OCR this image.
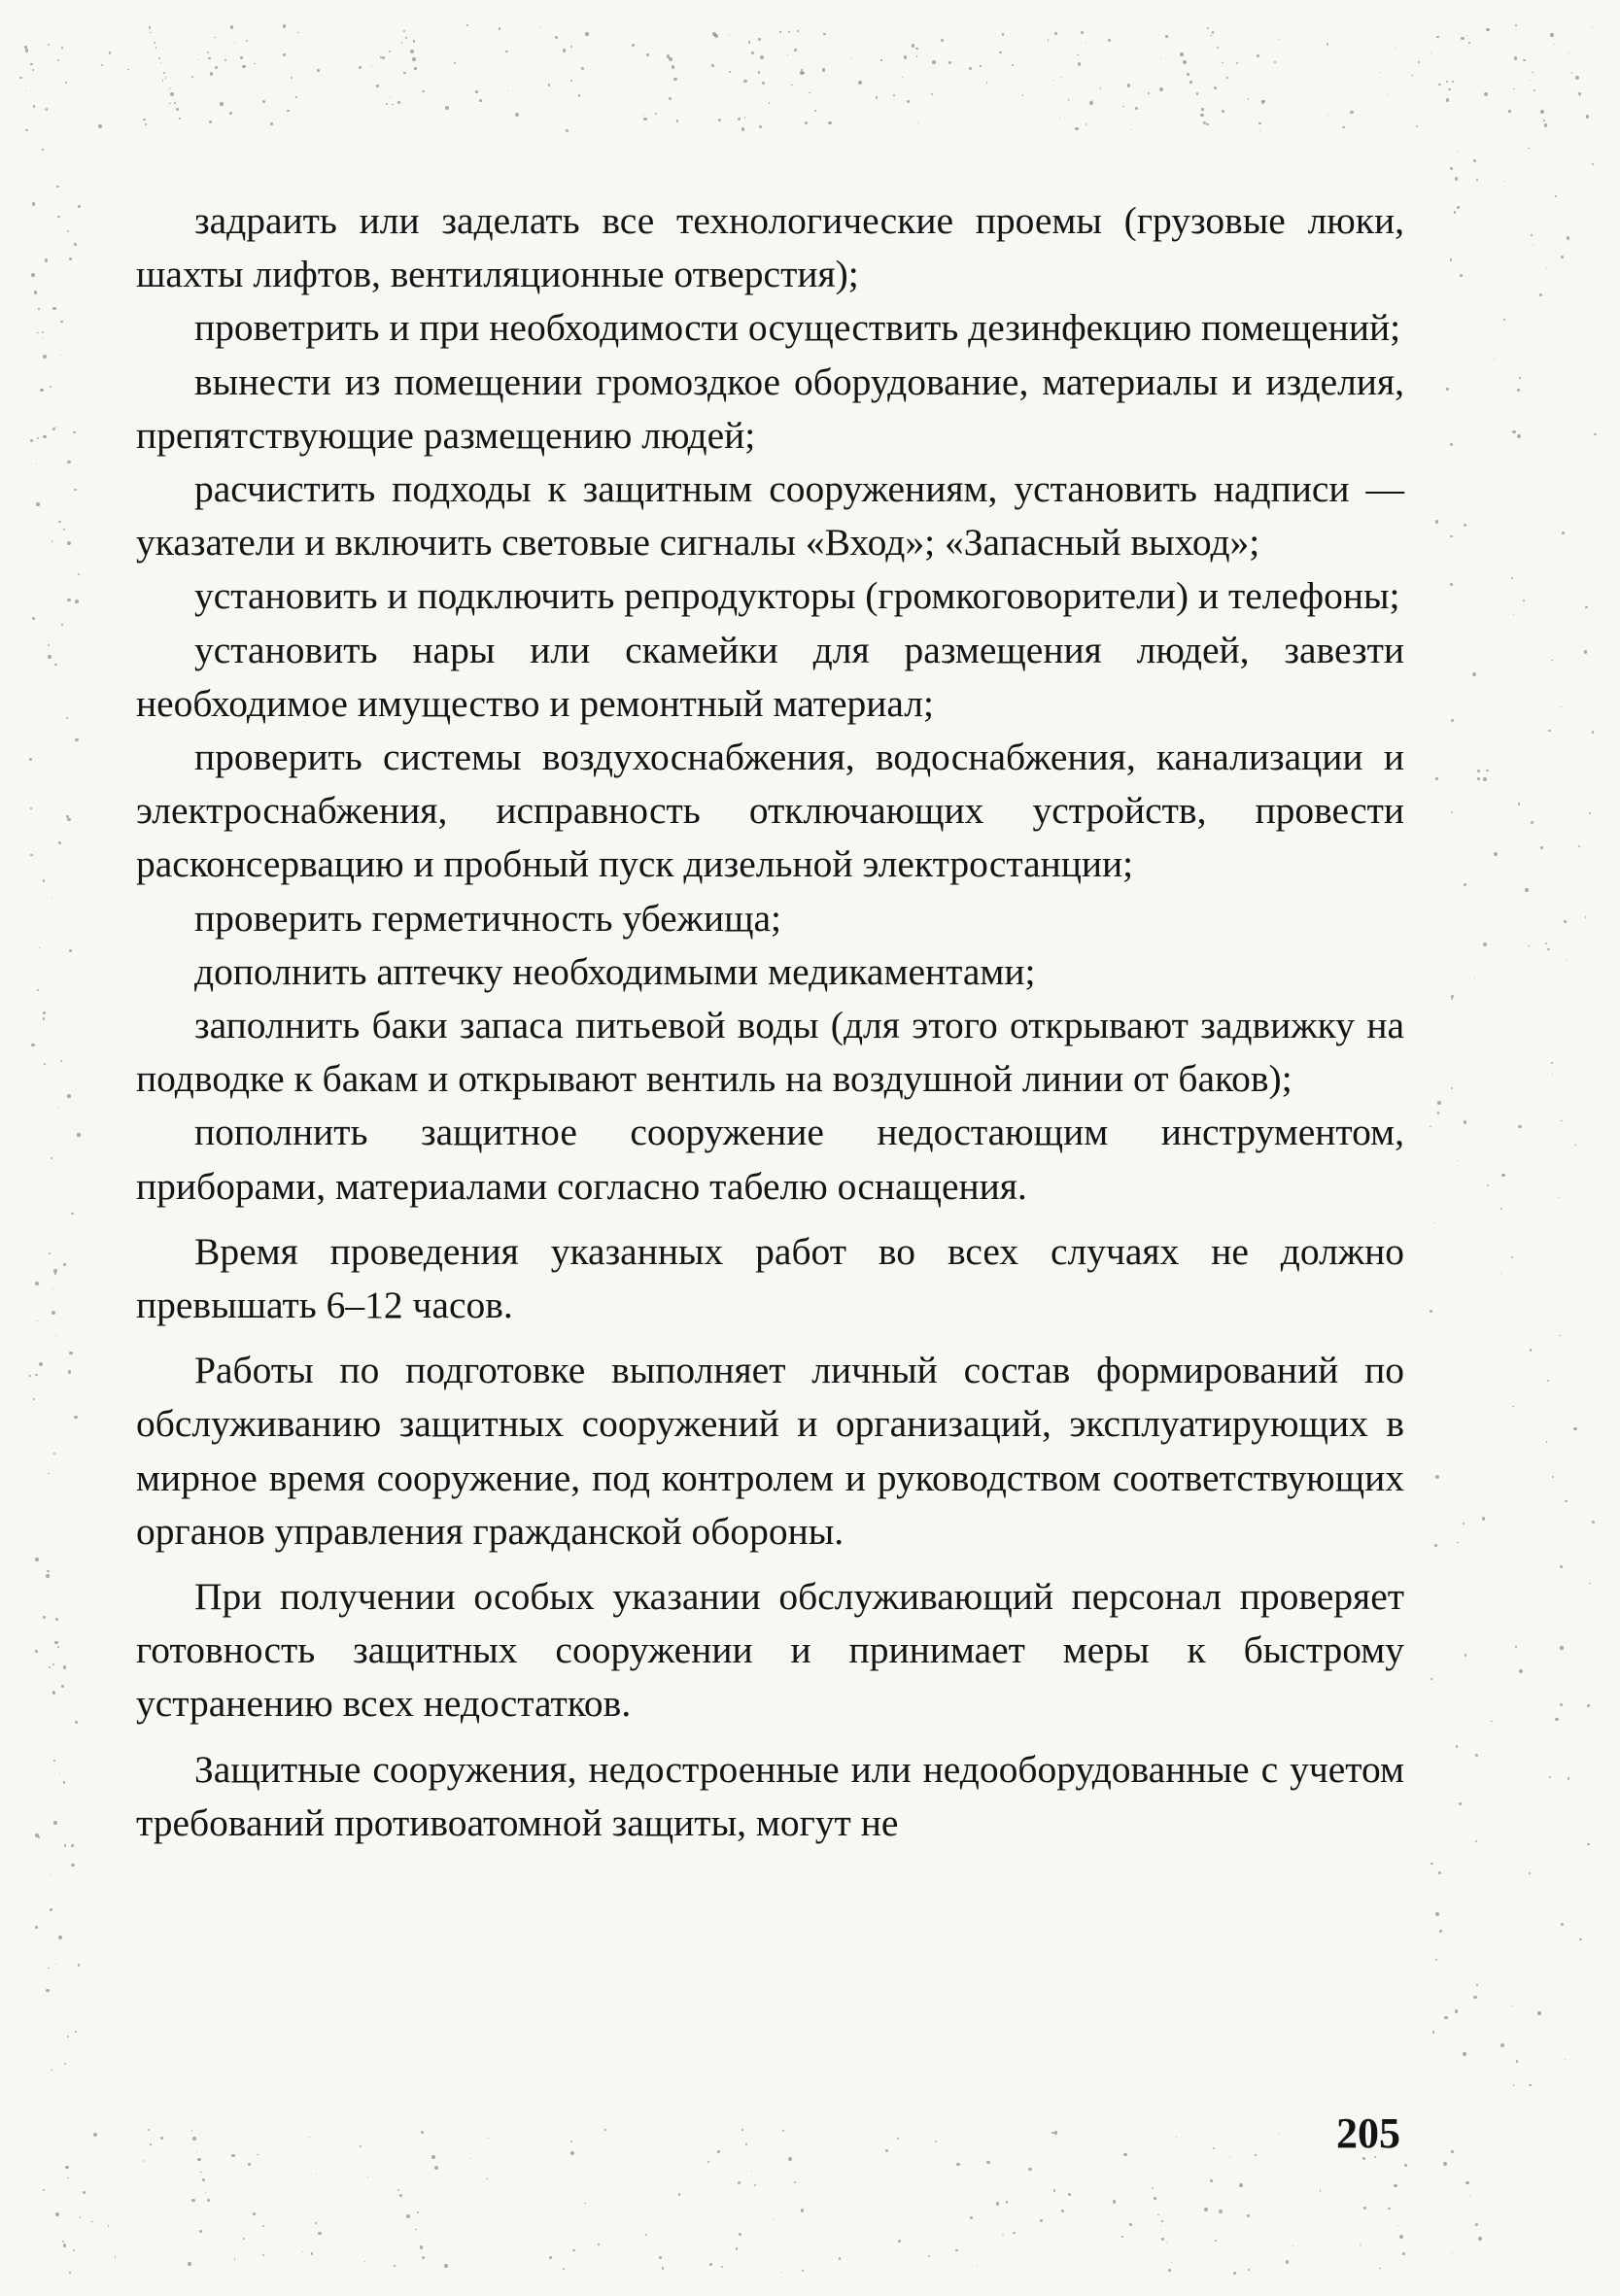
задраить или заделать все технологические проемы (грузовые люки, шахты лифтов, вентиляционные отверстия);

проветрить и при необходимости осуществить дезинфекцию помещений;

вынести из помещении громоздкое оборудование, материалы и изделия, препятствующие размещению людей;

расчистить подходы к защитным сооружениям, установить надписи — указатели и включить световые сигналы «Вход»; «Запасный выход»;

установить и подключить репродукторы (громкоговорители) и телефоны;

установить нары или скамейки для размещения людей, завезти необходимое имущество и ремонтный материал;

проверить системы воздухоснабжения, водоснабжения, канализации и электроснабжения, исправность отключающих устройств, провести расконсервацию и пробный пуск дизельной электростанции;

проверить герметичность убежища;

дополнить аптечку необходимыми медикаментами;

заполнить баки запаса питьевой воды (для этого открывают задвижку на подводке к бакам и открывают вентиль на воздушной линии от баков);

пополнить защитное сооружение недостающим инструментом, приборами, материалами согласно табелю оснащения.

Время проведения указанных работ во всех случаях не должно превышать 6–12 часов.

Работы по подготовке выполняет личный состав формирований по обслуживанию защитных сооружений и организаций, эксплуатирующих в мирное время сооружение, под контролем и руководством соответствующих органов управления гражданской обороны.

При получении особых указании обслуживающий персонал проверяет готовность защитных сооружении и принимает меры к быстрому устранению всех недостатков.

Защитные сооружения, недостроенные или недооборудованные с учетом требований противоатомной защиты, могут не

205
